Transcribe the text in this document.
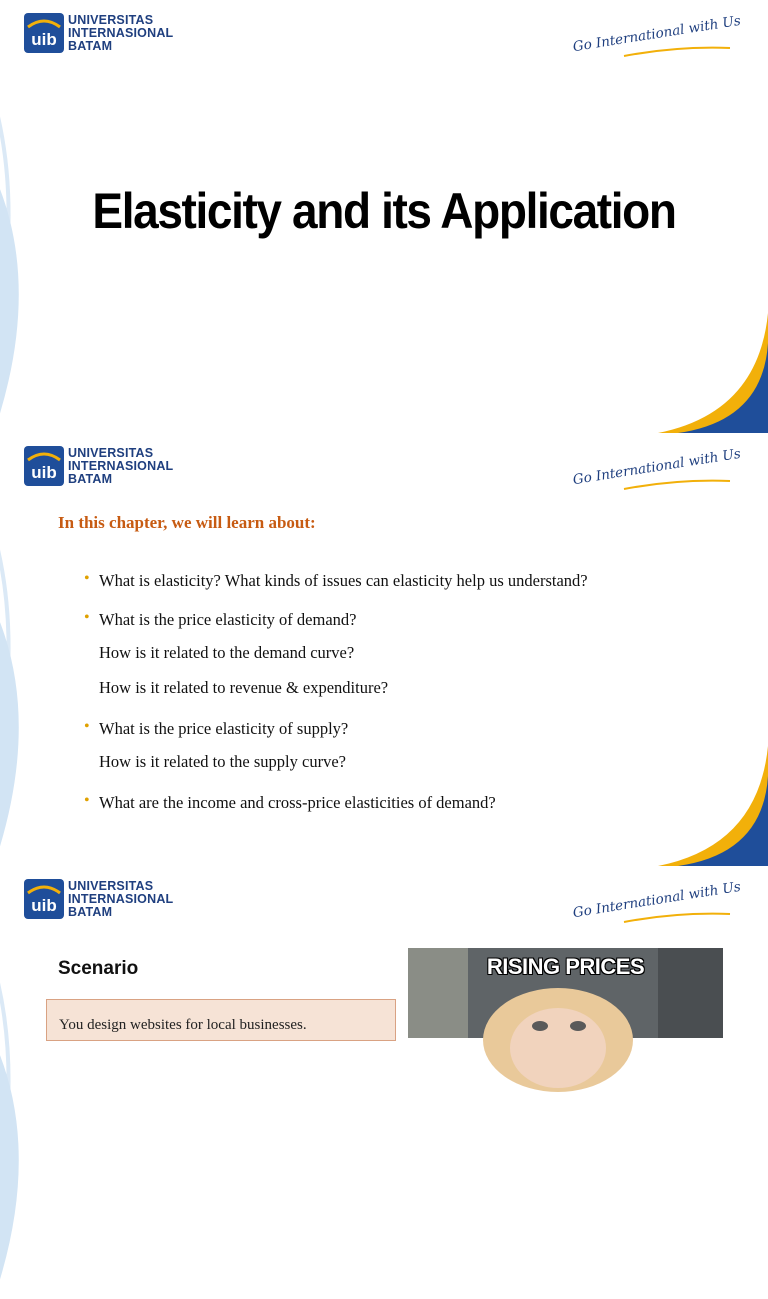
uib
UNIVERSITAS
INTERNASIONAL
BATAM	Go International with Us
Elasticity and its Application
uib
UNIVERSITAS
INTERNASIONAL
BATAM	Go International with Us
In this chapter, we will learn about:
• What is elasticity? What kinds of issues can elasticity help us understand?
• What is the price elasticity of demand?
How is it related to the demand curve?
How is it related to revenue & expenditure?
• What is the price elasticity of supply?
How is it related to the supply curve?
• What are the income and cross-price elasticities of demand?
uib
UNIVERSITAS
INTERNASIONAL
BATAM	Go International with Us
Scenario
You design websites for local businesses.
RISING PRICES
